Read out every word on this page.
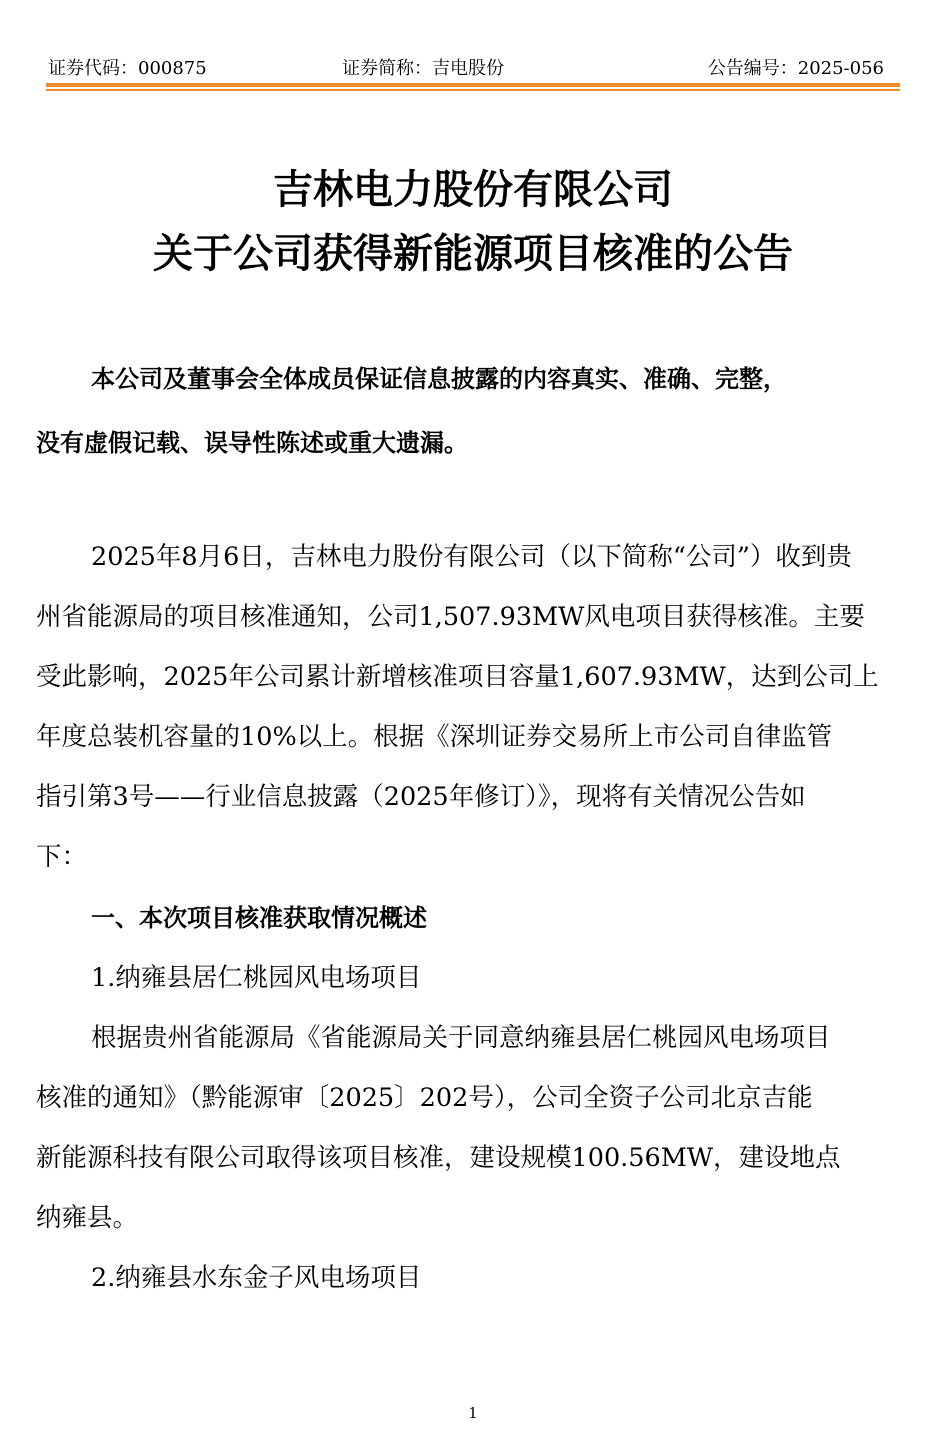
证券代码：000875	证券简称：吉电股份	公告编号：2025-056
吉林电力股份有限公司
关于公司获得新能源项目核准的公告
本公司及董事会全体成员保证信息披露的内容真实、准确、完整，
没有虚假记载、误导性陈述或重大遗漏。
2025年8月6日，吉林电力股份有限公司（以下简称“公司”）收到贵
州省能源局的项目核准通知，公司1,507.93MW风电项目获得核准。主要
受此影响，2025年公司累计新增核准项目容量1,607.93MW，达到公司上
年度总装机容量的10%以上。根据《深圳证券交易所上市公司自律监管
指引第3号——行业信息披露（2025年修订）》，现将有关情况公告如
下：
一、本次项目核准获取情况概述
1.纳雍县居仁桃园风电场项目
根据贵州省能源局《省能源局关于同意纳雍县居仁桃园风电场项目
核准的通知》（黔能源审〔2025〕202号），公司全资子公司北京吉能
新能源科技有限公司取得该项目核准，建设规模100.56MW，建设地点
纳雍县。
2.纳雍县水东金子风电场项目
1
